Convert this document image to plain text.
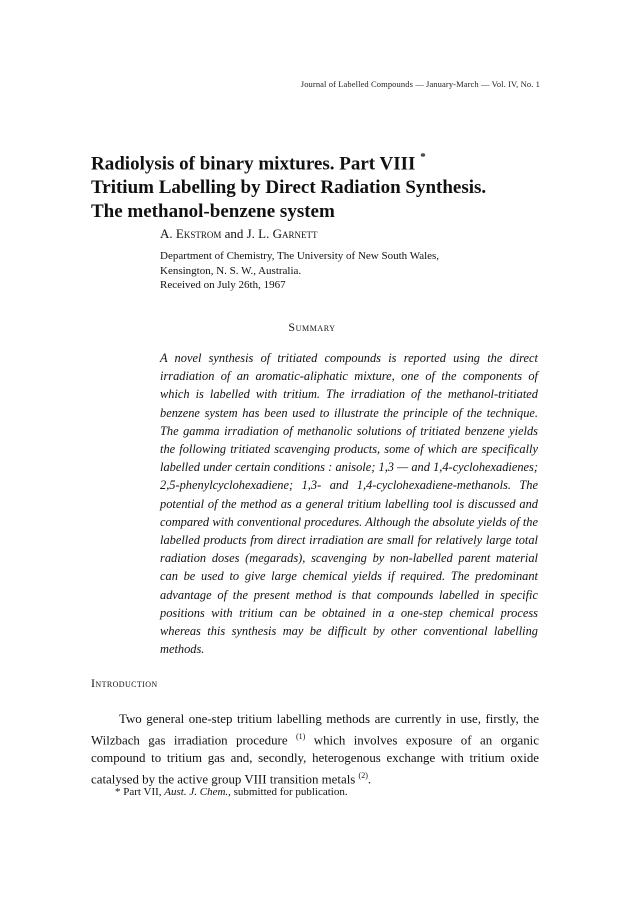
Journal of Labelled Compounds — January-March — Vol. IV, No. 1
Radiolysis of binary mixtures. Part VIII *
Tritium Labelling by Direct Radiation Synthesis.
The methanol-benzene system
A. Ekstrom and J. L. Garnett
Department of Chemistry, The University of New South Wales,
Kensington, N. S. W., Australia.
Received on July 26th, 1967
Summary

A novel synthesis of tritiated compounds is reported using the direct irradiation of an aromatic-aliphatic mixture, one of the components of which is labelled with tritium. The irradiation of the methanol-tritiated benzene system has been used to illustrate the principle of the technique. The gamma irradiation of methanolic solutions of tritiated benzene yields the following tritiated scavenging products, some of which are specifically labelled under certain conditions : anisole; 1,3 — and 1,4-cyclohexadienes; 2,5-phenylcyclohexadiene; 1,3- and 1,4-cyclohexadiene-methanols. The potential of the method as a general tritium labelling tool is discussed and compared with conventional procedures. Although the absolute yields of the labelled products from direct irradiation are small for relatively large total radiation doses (megarads), scavenging by non-labelled parent material can be used to give large chemical yields if required. The predominant advantage of the present method is that compounds labelled in specific positions with tritium can be obtained in a one-step chemical process whereas this synthesis may be difficult by other conventional labelling methods.

Introduction

Two general one-step tritium labelling methods are currently in use, firstly, the Wilzbach gas irradiation procedure $^{(1)}$ which involves exposure of an organic compound to tritium gas and, secondly, heterogenous exchange with tritium oxide catalysed by the active group VIII transition metals $^{(2)}$.

* Part VII, Aust. J. Chem., submitted for publication.
